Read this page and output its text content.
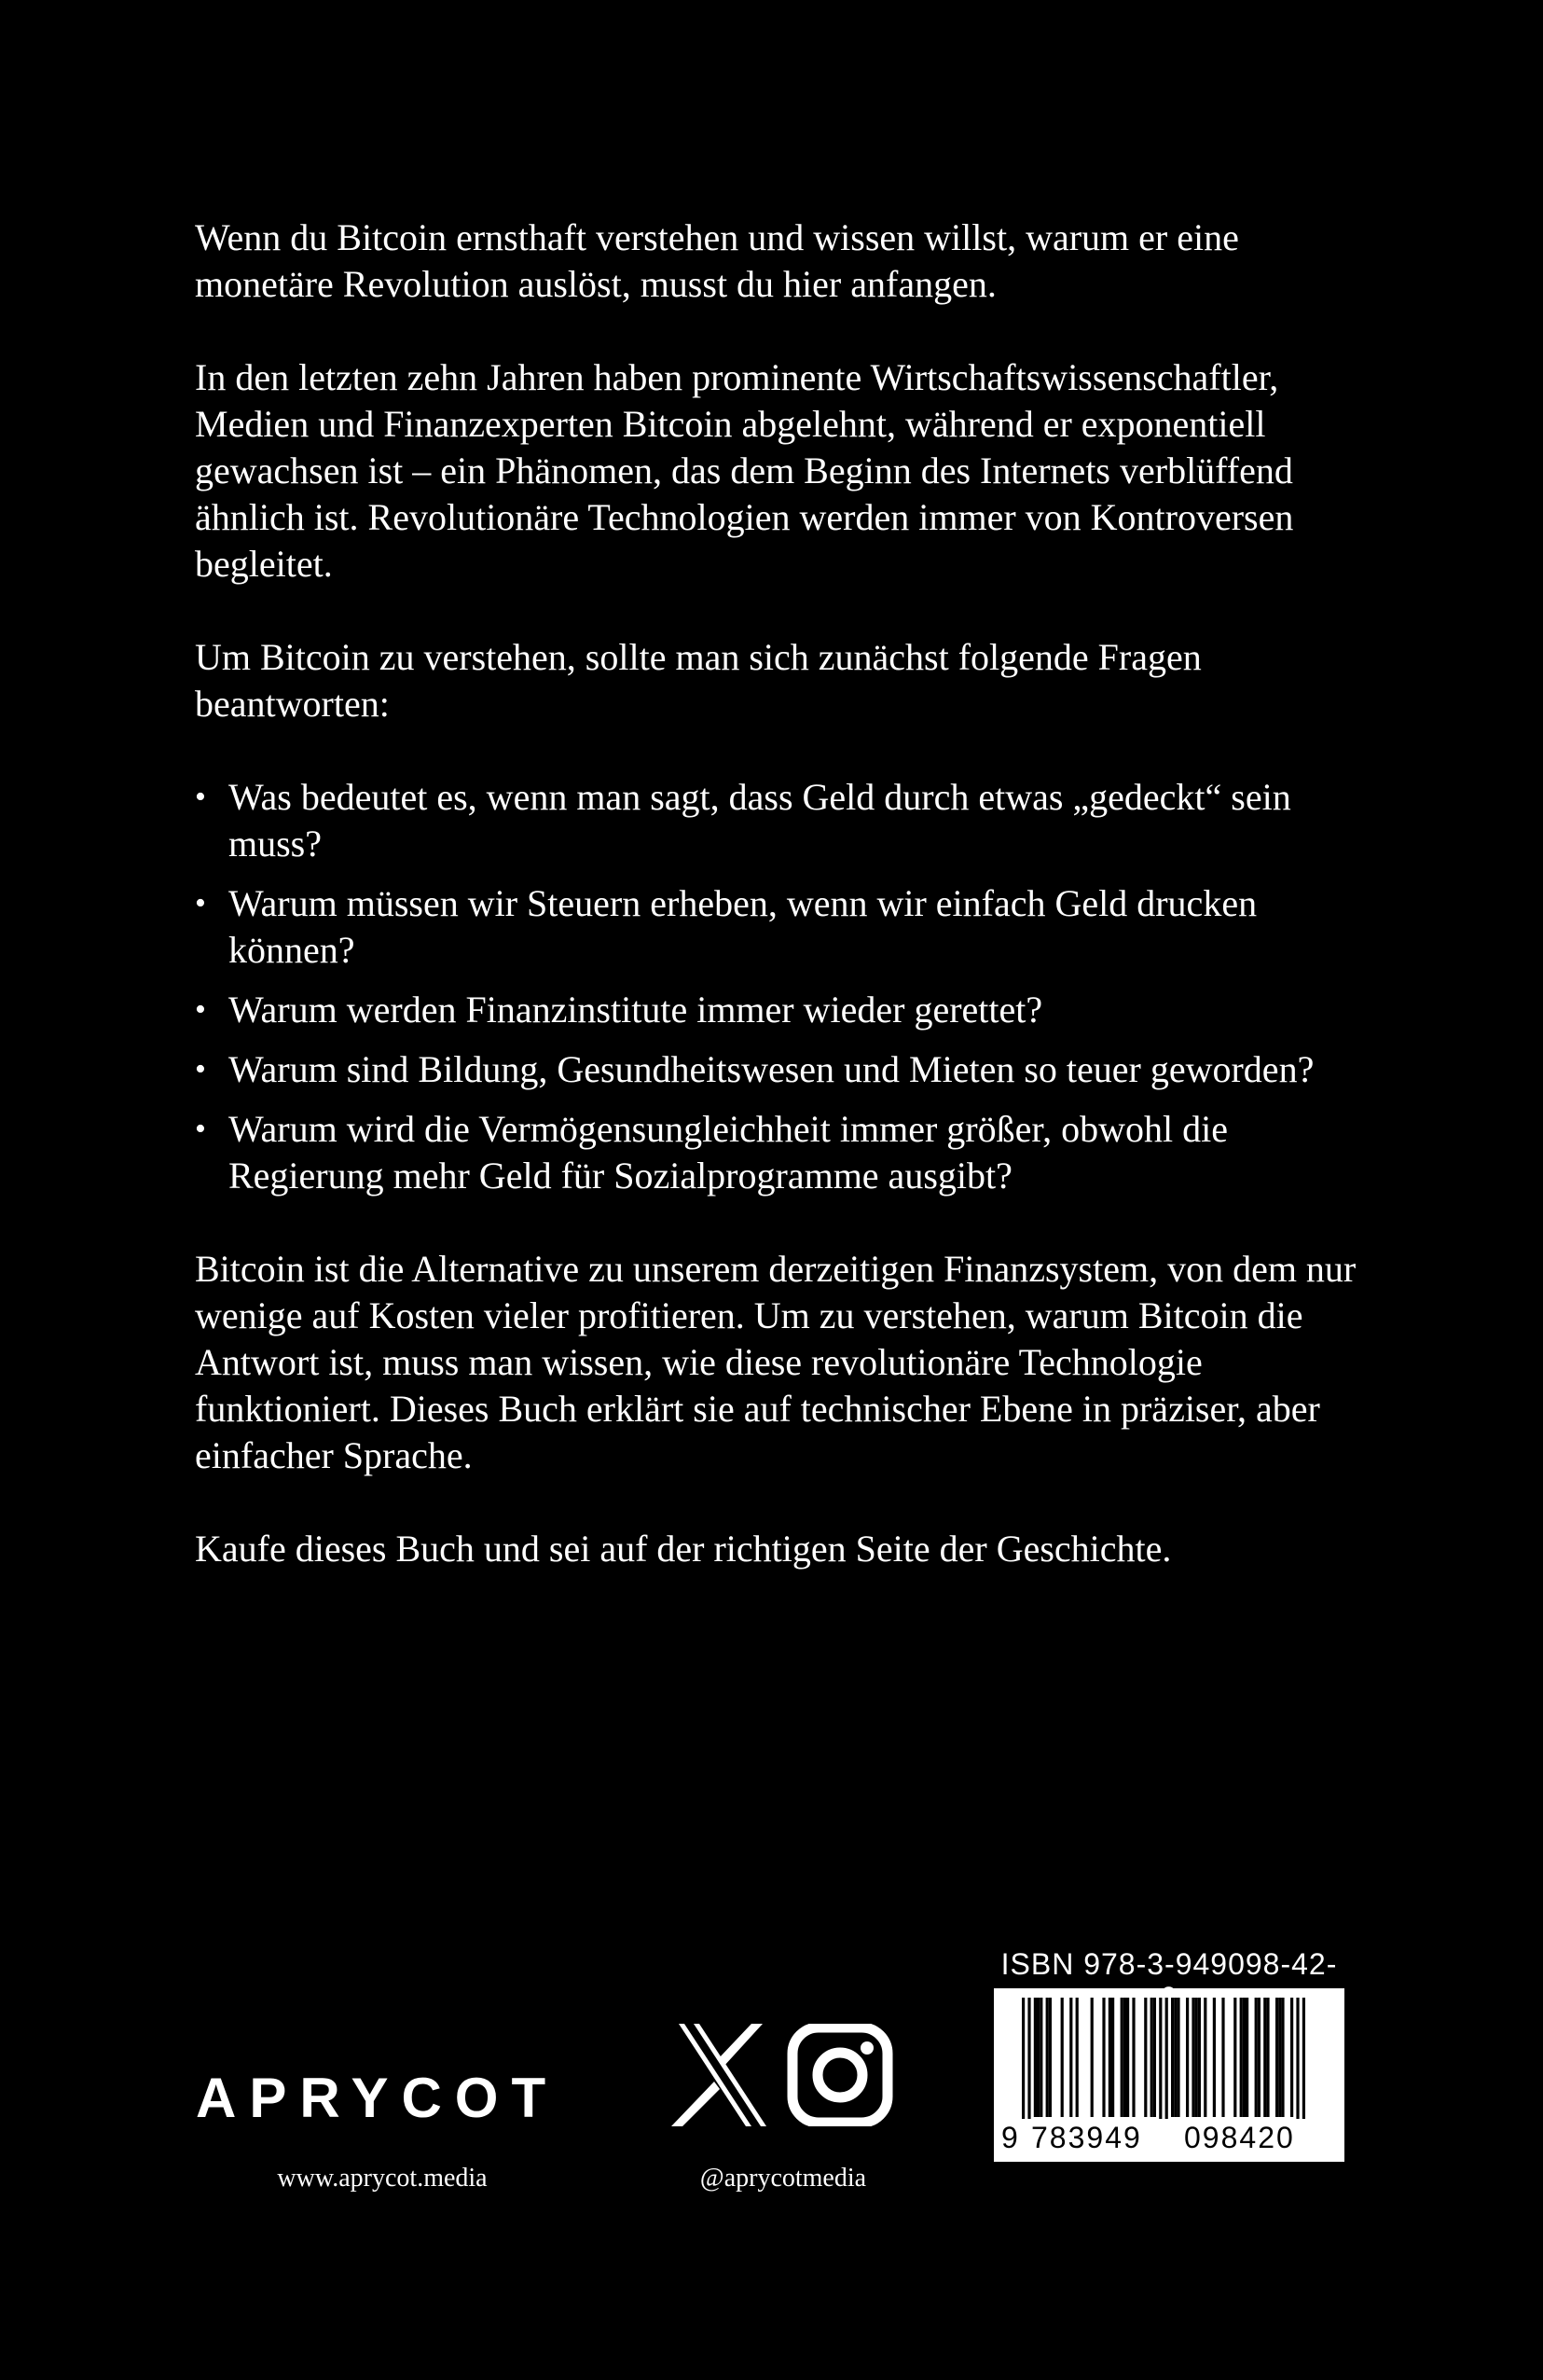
Wenn du Bitcoin ernsthaft verstehen und wissen willst, warum er eine monetäre Revolution auslöst, musst du hier anfangen.

In den letzten zehn Jahren haben prominente Wirtschaftswissenschaftler, Medien und Finanzexperten Bitcoin abgelehnt, während er exponentiell gewachsen ist – ein Phänomen, das dem Beginn des Internets verblüffend ähnlich ist. Revolutionäre Technologien werden immer von Kontroversen begleitet.

Um Bitcoin zu verstehen, sollte man sich zunächst folgende Fragen beantworten:

• Was bedeutet es, wenn man sagt, dass Geld durch etwas „gedeckt“ sein muss?
• Warum müssen wir Steuern erheben, wenn wir einfach Geld drucken können?
• Warum werden Finanzinstitute immer wieder gerettet?
• Warum sind Bildung, Gesundheitswesen und Mieten so teuer geworden?
• Warum wird die Vermögensungleichheit immer größer, obwohl die Regierung mehr Geld für Sozialprogramme ausgibt?

Bitcoin ist die Alternative zu unserem derzeitigen Finanzsystem, von dem nur wenige auf Kosten vieler profitieren. Um zu verstehen, warum Bitcoin die Antwort ist, muss man wissen, wie diese revolutionäre Technologie funktioniert. Dieses Buch erklärt sie auf technischer Ebene in präziser, aber einfacher Sprache.

Kaufe dieses Buch und sei auf der richtigen Seite der Geschichte.

APRYCOT
www.aprycot.media	@aprycotmedia
ISBN 978-3-949098-42-
9 783949 098420
